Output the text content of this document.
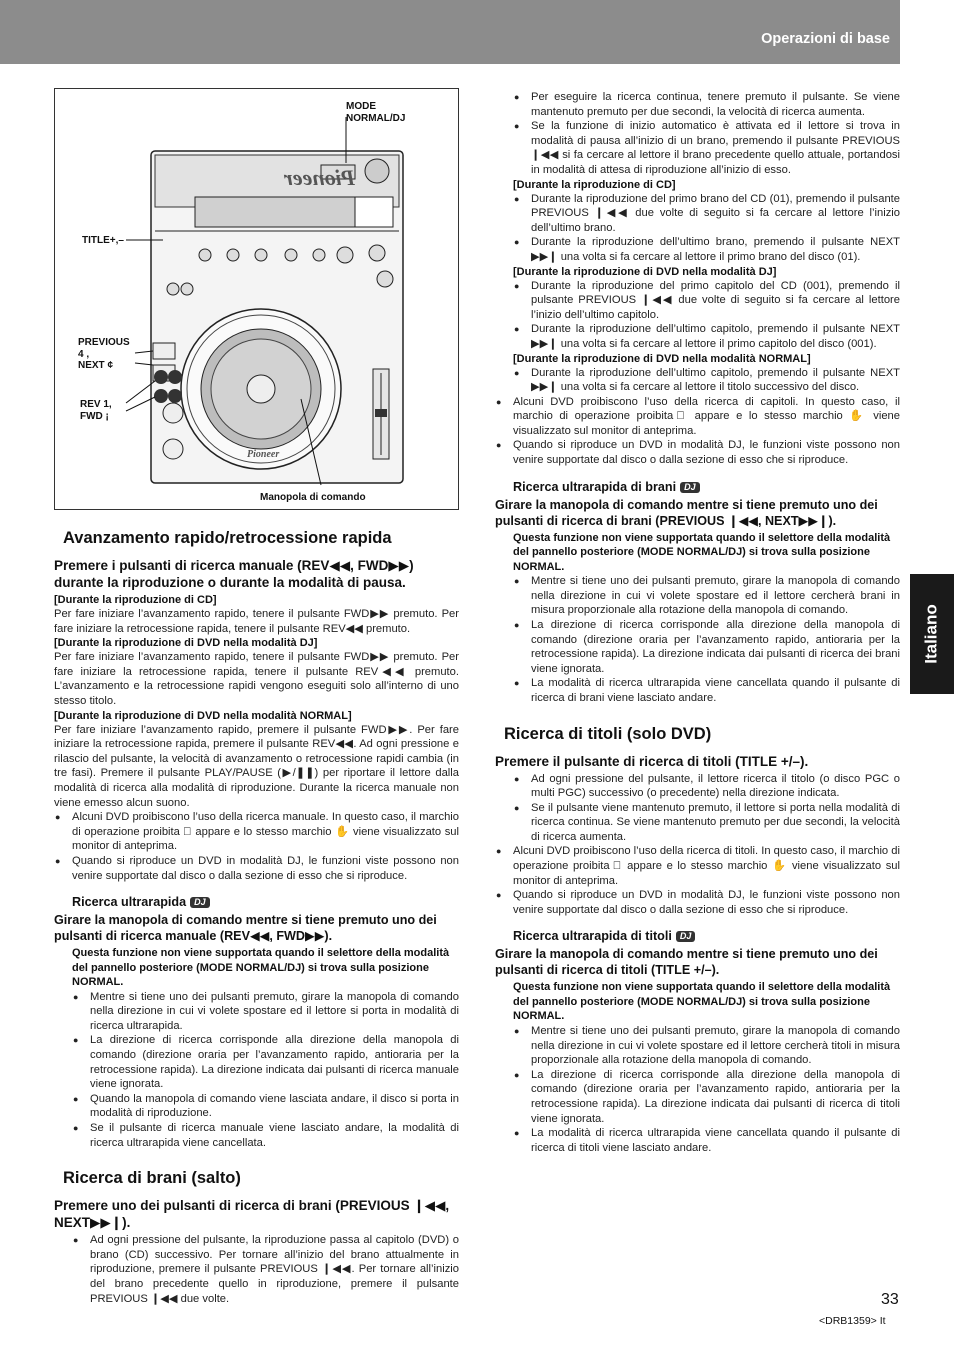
Operazioni di base
Italiano
Pioneer
Pioneer
MODE
NORMAL/DJ
TITLE+,–
PREVIOUS
4 ,
NEXT ¢
REV 1,
FWD ¡
Manopola di comando
Avanzamento rapido/retrocessione rapida
Premere i pulsanti di ricerca manuale (REV◀◀, FWD▶▶) durante la riproduzione o durante la modalità di pausa.
[Durante la riproduzione di CD]

Per fare iniziare l’avanzamento rapido, tenere il pulsante FWD▶▶ premuto. Per fare iniziare la retrocessione rapida, tenere il pulsante REV◀◀ premuto.

[Durante la riproduzione di DVD nella modalità DJ]

Per fare iniziare l’avanzamento rapido, tenere il pulsante FWD▶▶ premuto. Per fare iniziare la retrocessione rapida, tenere il pulsante REV◀◀ premuto. L’avanzamento e la retrocessione rapidi vengono eseguiti solo all’interno di uno stesso titolo.

[Durante la riproduzione di DVD nella modalità NORMAL]

Per fare iniziare l’avanzamento rapido, premere il pulsante FWD▶▶. Per fare iniziare la retrocessione rapida, premere il pulsante REV◀◀. Ad ogni pressione e rilascio del pulsante, la velocità di avanzamento o retrocessione rapidi cambia (in tre fasi). Premere il pulsante PLAY/PAUSE (▶/❚❚) per riportare il lettore dalla modalità di ricerca alla modalità di riproduzione. Durante la ricerca manuale non viene emesso alcun suono.

● Alcuni DVD proibiscono l’uso della ricerca manuale. In questo caso, il marchio di operazione proibita ⃠ appare e lo stesso marchio ✋ viene visualizzato sul monitor di anteprima.
● Quando si riproduce un DVD in modalità DJ, le funzioni viste possono non venire supportate dal disco o dalla sezione di esso che si riproduce.
Ricerca ultrarapida DJ
Girare la manopola di comando mentre si tiene premuto uno dei pulsanti di ricerca manuale (REV◀◀, FWD▶▶).
Questa funzione non viene supportata quando il selettore della modalità del pannello posteriore (MODE NORMAL/DJ) si trova sulla posizione NORMAL.
● Mentre si tiene uno dei pulsanti premuto, girare la manopola di comando nella direzione in cui vi volete spostare ed il lettore si porta in modalità di ricerca ultrarapida.
● La direzione di ricerca corrisponde alla direzione della manopola di comando (direzione oraria per l’avanzamento rapido, antioraria per la retrocessione rapida). La direzione indicata dai pulsanti di ricerca manuale viene ignorata.
● Quando la manopola di comando viene lasciata andare, il disco si porta in modalità di riproduzione.
● Se il pulsante di ricerca manuale viene lasciato andare, la modalità di ricerca ultrarapida viene cancellata.
Ricerca di brani (salto)
Premere uno dei pulsanti di ricerca di brani (PREVIOUS ❙◀◀, NEXT▶▶❙).
● Ad ogni pressione del pulsante, la riproduzione passa al capitolo (DVD) o brano (CD) successivo. Per tornare all’inizio del brano attualmente in riproduzione, premere il pulsante PREVIOUS ❙◀◀. Per tornare all’inizio del brano precedente quello in riproduzione, premere il pulsante PREVIOUS ❙◀◀ due volte.
● Per eseguire la ricerca continua, tenere premuto il pulsante. Se viene mantenuto premuto per due secondi, la velocità di ricerca aumenta.
● Se la funzione di inizio automatico è attivata ed il lettore si trova in modalità di pausa all’inizio di un brano, premendo il pulsante PREVIOUS ❙◀◀ si fa cercare al lettore il brano precedente quello attuale, portandosi in modalità di attesa di riproduzione all’inizio di esso.
[Durante la riproduzione di CD]
● Durante la riproduzione del primo brano del CD (01), premendo il pulsante PREVIOUS ❙◀◀ due volte di seguito si fa cercare al lettore l’inizio dell’ultimo brano.
● Durante la riproduzione dell’ultimo brano, premendo il pulsante NEXT ▶▶❙ una volta si fa cercare al lettore il primo brano del disco (01).
[Durante la riproduzione di DVD nella modalità DJ]
● Durante la riproduzione del primo capitolo del CD (001), premendo il pulsante PREVIOUS ❙◀◀ due volte di seguito si fa cercare al lettore l’inizio dell’ultimo capitolo.
● Durante la riproduzione dell’ultimo capitolo, premendo il pulsante NEXT ▶▶❙ una volta si fa cercare al lettore il primo capitolo del disco (001).
[Durante la riproduzione di DVD nella modalità NORMAL]
● Durante la riproduzione dell’ultimo capitolo, premendo il pulsante NEXT ▶▶❙ una volta si fa cercare al lettore il titolo successivo del disco.
● Alcuni DVD proibiscono l’uso della ricerca di capitoli. In questo caso, il marchio di operazione proibita ⃠ appare e lo stesso marchio ✋ viene visualizzato sul monitor di anteprima.
● Quando si riproduce un DVD in modalità DJ, le funzioni viste possono non venire supportate dal disco o dalla sezione di esso che si riproduce.
Ricerca ultrarapida di brani DJ
Girare la manopola di comando mentre si tiene premuto uno dei pulsanti di ricerca di brani (PREVIOUS ❙◀◀, NEXT▶▶❙).
Questa funzione non viene supportata quando il selettore della modalità del pannello posteriore (MODE NORMAL/DJ) si trova sulla posizione NORMAL.
● Mentre si tiene uno dei pulsanti premuto, girare la manopola di comando nella direzione in cui vi volete spostare ed il lettore cercherà brani in misura proporzionale alla rotazione della manopola di comando.
● La direzione di ricerca corrisponde alla direzione della manopola di comando (direzione oraria per l’avanzamento rapido, antioraria per la retrocessione rapida). La direzione indicata dai pulsanti di ricerca dei brani viene ignorata.
● La modalità di ricerca ultrarapida viene cancellata quando il pulsante di ricerca di brani viene lasciato andare.
Ricerca di titoli (solo DVD)
Premere il pulsante di ricerca di titoli (TITLE +/–).
● Ad ogni pressione del pulsante, il lettore ricerca il titolo (o disco PGC o multi PGC) successivo (o precedente) nella direzione indicata.
● Se il pulsante viene mantenuto premuto, il lettore si porta nella modalità di ricerca continua. Se viene mantenuto premuto per due secondi, la velocità di ricerca aumenta.
● Alcuni DVD proibiscono l’uso della ricerca di titoli. In questo caso, il marchio di operazione proibita ⃠ appare e lo stesso marchio ✋ viene visualizzato sul monitor di anteprima.
● Quando si riproduce un DVD in modalità DJ, le funzioni viste possono non venire supportate dal disco o dalla sezione di esso che si riproduce.
Ricerca ultrarapida di titoli DJ
Girare la manopola di comando mentre si tiene premuto uno dei pulsanti di ricerca di titoli (TITLE +/–).
Questa funzione non viene supportata quando il selettore della modalità del pannello posteriore (MODE NORMAL/DJ) si trova sulla posizione NORMAL.
● Mentre si tiene uno dei pulsanti premuto, girare la manopola di comando nella direzione in cui vi volete spostare ed il lettore cercherà titoli in misura proporzionale alla rotazione della manopola di comando.
● La direzione di ricerca corrisponde alla direzione della manopola di comando (direzione oraria per l’avanzamento rapido, antioraria per la retrocessione rapida). La direzione indicata dai pulsanti di ricerca di titoli viene ignorata.
● La modalità di ricerca ultrarapida viene cancellata quando il pulsante di ricerca di titoli viene lasciato andare.
33
<DRB1359> It
